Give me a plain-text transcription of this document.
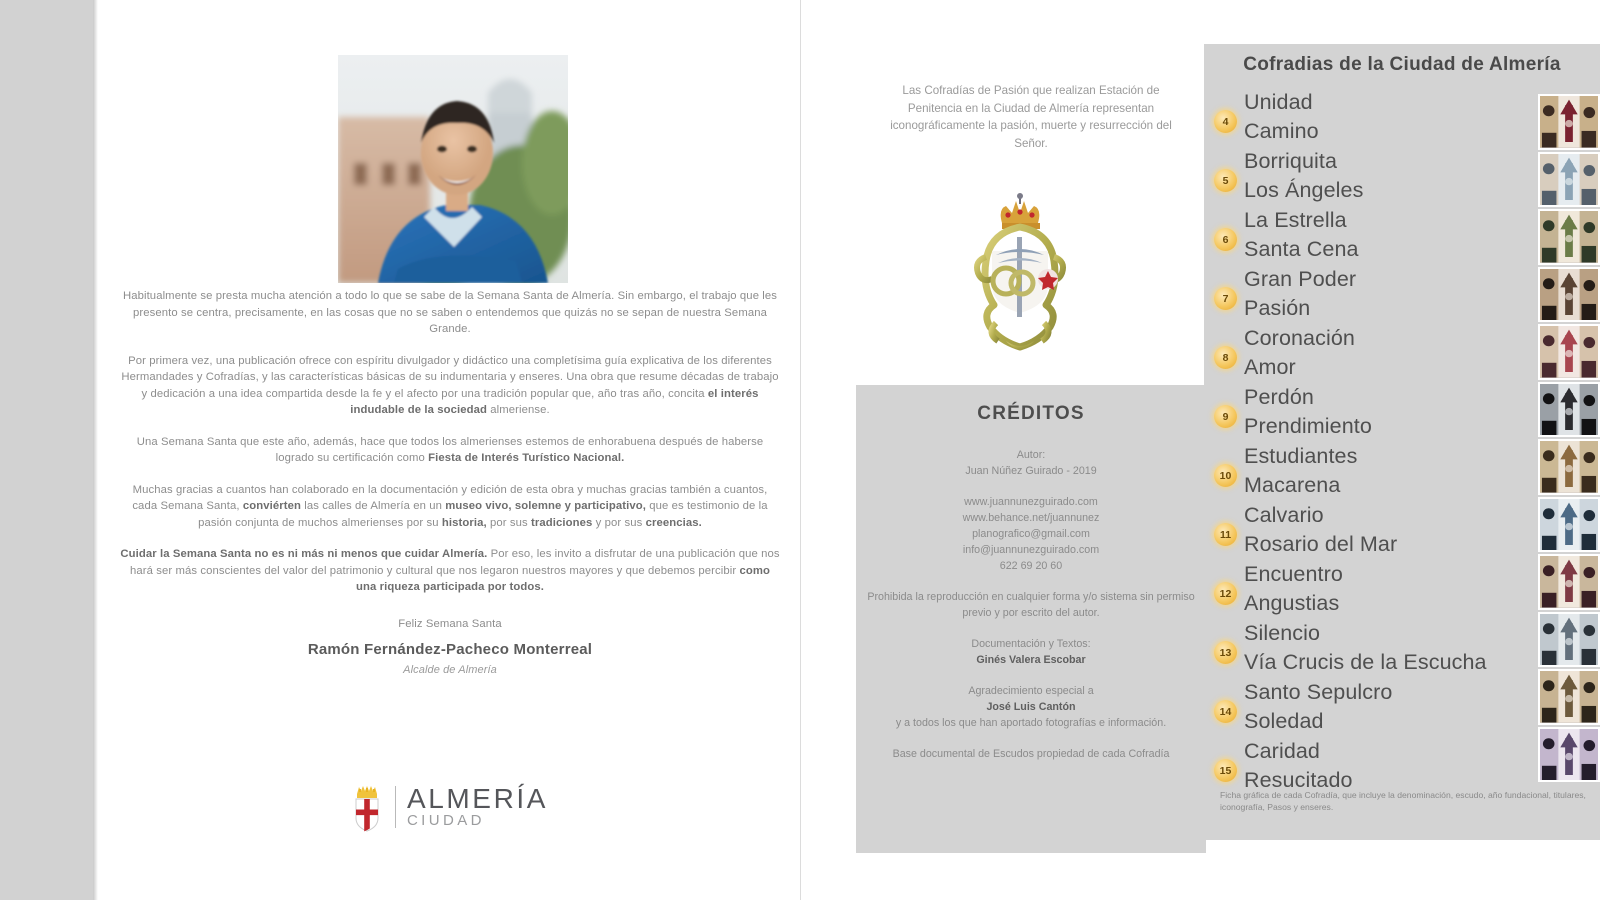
Habitualmente se presta mucha atención a todo lo que se sabe de la Semana Santa de Almería. Sin embargo, el trabajo que les presento se centra, precisamente, en las cosas que no se saben o entendemos que quizás no se sepan de nuestra Semana Grande.

Por primera vez, una publicación ofrece con espíritu divulgador y didáctico una completísima guía explicativa de los diferentes Hermandades y Cofradías, y las características básicas de su indumentaria y enseres. Una obra que resume décadas de trabajo y dedicación a una idea compartida desde la fe y el afecto por una tradición popular que, año tras año, concita el interés indudable de la sociedad almeriense.

Una Semana Santa que este año, además, hace que todos los almerienses estemos de enhorabuena después de haberse logrado su certificación como Fiesta de Interés Turístico Nacional.

Muchas gracias a cuantos han colaborado en la documentación y edición de esta obra y muchas gracias también a cuantos, cada Semana Santa, conviérten las calles de Almería en un museo vivo, solemne y participativo, que es testimonio de la pasión conjunta de muchos almerienses por su historia, por sus tradiciones y por sus creencias.

Cuidar la Semana Santa no es ni más ni menos que cuidar Almería. Por eso, les invito a disfrutar de una publicación que nos hará ser más conscientes del valor del patrimonio y cultural que nos legaron nuestros mayores y que debemos percibir como una riqueza participada por todos.

Feliz Semana Santa
Ramón Fernández-Pacheco Monterreal
Alcalde de Almería
ALMERÍA
CIUDAD
Las Cofradías de Pasión que realizan Estación de Penitencia en la Ciudad de Almería representan iconográficamente la pasión, muerte y resurrección del Señor.
CRÉDITOS
Autor:
Juan Núñez Guirado - 2019
www.juannunezguirado.com
www.behance.net/juannunez
planografico@gmail.com
info@juannunezguirado.com
622 69 20 60
Prohibida la reproducción en cualquier forma y/o sistema sin permiso previo y por escrito del autor.
Documentación y Textos:
Ginés Valera Escobar
Agradecimiento especial a
José Luis Cantón
y a todos los que han aportado fotografías e información.
Base documental de Escudos propiedad de cada Cofradía
Cofradias de la Ciudad de Almería
4
Unidad
Camino
5
Borriquita
Los Ángeles
6
La Estrella
Santa Cena
7
Gran Poder
Pasión
8
Coronación
Amor
9
Perdón
Prendimiento
10
Estudiantes
Macarena
11
Calvario
Rosario del Mar
12
Encuentro
Angustias
13
Silencio
Vía Crucis de la Escucha
14
Santo Sepulcro
Soledad
15
Caridad
Resucitado
Ficha gráfica de cada Cofradía, que incluye la denominación, escudo, año fundacional, titulares, iconografía, Pasos y enseres.
